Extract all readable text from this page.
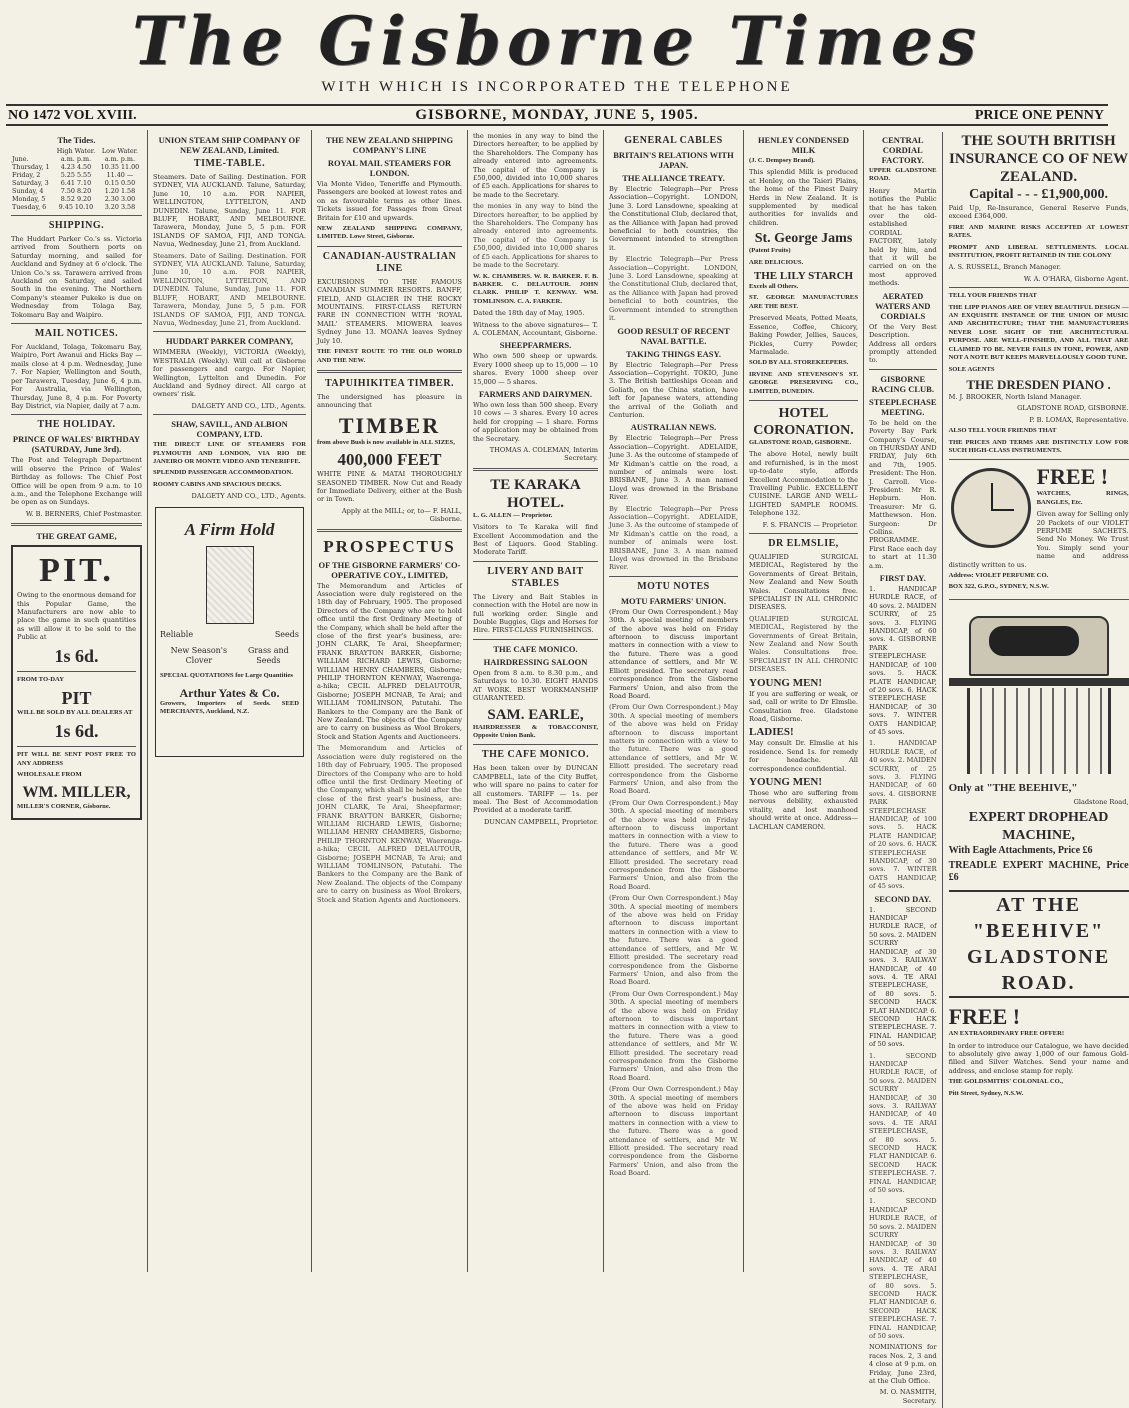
The Gisborne Times
WITH WHICH IS INCORPORATED THE TELEPHONE
NO 1472 VOL XVIII.	GISBORNE, MONDAY, JUNE 5, 1905.	PRICE ONE PENNY
The Tides.
	High Water.	Low Water.
June.	a.m. p.m.	a.m. p.m.
Thursday, 1	4.23 4.50	10.35 11.00
Friday, 2	5.25 5.55	11.40 —
Saturday, 3	6.41 7.10	0.15 0.50
Sunday, 4	7.50 8.20	1.20 1.58
Monday, 5	8.52 9.20	2.30 3.00
Tuesday, 6	9.45 10.10	3.20 3.58
SHIPPING.

The Huddart Parker Co.'s ss. Victoria arrived from Southern ports on Saturday morning, and sailed for Auckland and Sydney at 6 o'clock. The Union Co.'s ss. Tarawera arrived from Auckland on Saturday, and sailed South in the evening. The Northern Company's steamer Pukeko is due on Wednesday from Tolaga Bay, Tokomaru Bay and Waipiro.

MAIL NOTICES.

For Auckland, Tolaga, Tokomaru Bay, Waipiro, Port Awanui and Hicks Bay — mails close at 4 p.m. Wednesday, June 7. For Napier, Wellington and South, per Tarawera, Tuesday, June 6, 4 p.m. For Australia, via Wellington, Thursday, June 8, 4 p.m. For Poverty Bay District, via Napier, daily at 7 a.m.

THE HOLIDAY.
PRINCE OF WALES' BIRTHDAY (SATURDAY, June 3rd).

The Post and Telegraph Department will observe the Prince of Wales' Birthday as follows: The Chief Post Office will be open from 9 a.m. to 10 a.m., and the Telephone Exchange will be open as on Sundays.

W. B. BERNERS, Chief Postmaster.

THE GREAT GAME,
PIT.

Owing to the enormous demand for this Popular Game, the Manufacturers are now able to place the game in such quantities as will allow it to be sold to the Public at

1s 6d.

FROM TO-DAY

PIT

WILL BE SOLD BY ALL DEALERS AT

1s 6d.

PIT WILL BE SENT POST FREE TO ANY ADDRESS

WHOLESALE FROM

WM. MILLER,

MILLER'S CORNER, Gisborne.

UNION STEAM SHIP COMPANY OF NEW ZEALAND, Limited.
TIME-TABLE.

Steamers. Date of Sailing. Destination. FOR SYDNEY, VIA AUCKLAND. Talune, Saturday, June 10, 10 a.m. FOR NAPIER, WELLINGTON, LYTTELTON, AND DUNEDIN. Talune, Sunday, June 11. FOR BLUFF, HOBART, AND MELBOURNE. Tarawera, Monday, June 5, 5 p.m. FOR ISLANDS OF SAMOA, FIJI, AND TONGA. Navua, Wednesday, June 21, from Auckland.

Steamers. Date of Sailing. Destination. FOR SYDNEY, VIA AUCKLAND. Talune, Saturday, June 10, 10 a.m. FOR NAPIER, WELLINGTON, LYTTELTON, AND DUNEDIN. Talune, Sunday, June 11. FOR BLUFF, HOBART, AND MELBOURNE. Tarawera, Monday, June 5, 5 p.m. FOR ISLANDS OF SAMOA, FIJI, AND TONGA. Navua, Wednesday, June 21, from Auckland.

HUDDART PARKER COMPANY,

WIMMERA (Weekly), VICTORIA (Weekly), WESTRALIA (Weekly). Will call at Gisborne for passengers and cargo. For Napier, Wellington, Lyttelton and Dunedin. For Auckland and Sydney direct. All cargo at owners' risk.

DALGETY AND CO., LTD., Agents.

SHAW, SAVILL, AND ALBION COMPANY, LTD.

THE DIRECT LINE OF STEAMERS FOR PLYMOUTH AND LONDON, VIA RIO DE JANEIRO OR MONTE VIDEO AND TENERIFFE.

SPLENDID PASSENGER ACCOMMODATION.

ROOMY CABINS AND SPACIOUS DECKS.

DALGETY AND CO., LTD., Agents.

A Firm Hold
Reliable	Seeds
New Season's Clover
Grass and Seeds

SPECIAL QUOTATIONS for Large Quantities

Arthur Yates & Co.

Growers, Importers of Seeds. SEED MERCHANTS, Auckland, N.Z.

THE NEW ZEALAND SHIPPING COMPANY'S LINE
ROYAL MAIL STEAMERS FOR LONDON.

Via Monte Video, Teneriffe and Plymouth. Passengers are booked at lowest rates and on as favourable terms as other lines. Tickets issued for Passages from Great Britain for £10 and upwards.

NEW ZEALAND SHIPPING COMPANY, LIMITED. Lowe Street, Gisborne.

CANADIAN-AUSTRALIAN LINE

EXCURSIONS TO THE FAMOUS CANADIAN SUMMER RESORTS. BANFF, FIELD, AND GLACIER IN THE ROCKY MOUNTAINS. FIRST-CLASS RETURN FARE IN CONNECTION WITH 'ROYAL MAIL' STEAMERS. MIOWERA leaves Sydney June 13. MOANA leaves Sydney July 10.

THE FINEST ROUTE TO THE OLD WORLD AND THE NEW.

TAPUIHIKITEA TIMBER.

The undersigned has pleasure in announcing that

TIMBER

from above Bush is now available in ALL SIZES,

400,000 FEET

WHITE PINE & MATAI THOROUGHLY SEASONED TIMBER. Now Cut and Ready for Immediate Delivery, either at the Bush or in Town.

Apply at the MILL; or, to— F. HALL, Gisborne.

PROSPECTUS
OF THE GISBORNE FARMERS' CO-OPERATIVE COY., LIMITED,

The Memorandum and Articles of Association were duly registered on the 18th day of February, 1905. The proposed Directors of the Company who are to hold office until the first Ordinary Meeting of the Company, which shall be held after the close of the first year's business, are: JOHN CLARK, Te Arai, Sheepfarmer; FRANK BRAYTON BARKER, Gisborne; WILLIAM RICHARD LEWIS, Gisborne; WILLIAM HENRY CHAMBERS, Gisborne; PHILIP THORNTON KENWAY, Waerenga-a-hika; CECIL ALFRED DELAUTOUR, Gisborne; JOSEPH MCNAB, Te Arai; and WILLIAM TOMLINSON, Patutahi. The Bankers to the Company are the Bank of New Zealand. The objects of the Company are to carry on business as Wool Brokers, Stock and Station Agents and Auctioneers.

The Memorandum and Articles of Association were duly registered on the 18th day of February, 1905. The proposed Directors of the Company who are to hold office until the first Ordinary Meeting of the Company, which shall be held after the close of the first year's business, are: JOHN CLARK, Te Arai, Sheepfarmer; FRANK BRAYTON BARKER, Gisborne; WILLIAM RICHARD LEWIS, Gisborne; WILLIAM HENRY CHAMBERS, Gisborne; PHILIP THORNTON KENWAY, Waerenga-a-hika; CECIL ALFRED DELAUTOUR, Gisborne; JOSEPH MCNAB, Te Arai; and WILLIAM TOMLINSON, Patutahi. The Bankers to the Company are the Bank of New Zealand. The objects of the Company are to carry on business as Wool Brokers, Stock and Station Agents and Auctioneers.

the monies in any way to bind the Directors hereafter, to be applied by the Shareholders. The Company has already entered into agreements. The capital of the Company is £50,000, divided into 10,000 shares of £5 each. Applications for shares to be made to the Secretary.

the monies in any way to bind the Directors hereafter, to be applied by the Shareholders. The Company has already entered into agreements. The capital of the Company is £50,000, divided into 10,000 shares of £5 each. Applications for shares to be made to the Secretary.

W. K. CHAMBERS. W. R. BARKER. F. B. BARKER. C. DELAUTOUR. JOHN CLARK. PHILIP T. KENWAY. WM. TOMLINSON. C. A. FARKER.

Dated the 18th day of May, 1905.

Witness to the above signatures— T. A. COLEMAN, Accountant, Gisborne.

SHEEPFARMERS.

Who own 500 sheep or upwards. Every 1000 sheep up to 15,000 — 10 shares. Every 1000 sheep over 15,000 — 5 shares.

FARMERS AND DAIRYMEN.

Who own less than 500 sheep. Every 10 cows — 3 shares. Every 10 acres held for cropping — 1 share. Forms of application may be obtained from the Secretary.

THOMAS A. COLEMAN, Interim Secretary.

TE KARAKA HOTEL.

L. G. ALLEN — Proprietor.

Visitors to Te Karaka will find Excellent Accommodation and the Best of Liquors. Good Stabling. Moderate Tariff.

LIVERY AND BAIT STABLES

The Livery and Bait Stables in connection with the Hotel are now in full working order. Single and Double Buggies, Gigs and Horses for Hire. FIRST-CLASS FURNISHINGS.

THE CAFE MONICO.
HAIRDRESSING SALOON

Open from 8 a.m. to 8.30 p.m., and Saturdays to 10.30. EIGHT HANDS AT WORK. BEST WORKMANSHIP GUARANTEED.

SAM. EARLE,

HAIRDRESSER & TOBACCONIST, Opposite Union Bank.

THE CAFE MONICO.

Has been taken over by DUNCAN CAMPBELL, late of the City Buffet, who will spare no pains to cater for all customers. TARIFF — 1s. per meal. The Best of Accommodation Provided at a moderate tariff.

DUNCAN CAMPBELL, Proprietor.

GENERAL CABLES
BRITAIN'S RELATIONS WITH JAPAN.
THE ALLIANCE TREATY.

By Electric Telegraph—Per Press Association—Copyright. LONDON, June 3. Lord Lansdowne, speaking at the Constitutional Club, declared that, as the Alliance with Japan had proved beneficial to both countries, the Government intended to strengthen it.

By Electric Telegraph—Per Press Association—Copyright. LONDON, June 3. Lord Lansdowne, speaking at the Constitutional Club, declared that, as the Alliance with Japan had proved beneficial to both countries, the Government intended to strengthen it.

GOOD RESULT OF RECENT NAVAL BATTLE.
TAKING THINGS EASY.

By Electric Telegraph—Per Press Association—Copyright. TOKIO, June 3. The British battleships Ocean and Goliath, on the China station, have left for Japanese waters, attending the arrival of the Goliath and Centurion.

AUSTRALIAN NEWS.

By Electric Telegraph—Per Press Association—Copyright. ADELAIDE, June 3. As the outcome of stampede of Mr Kidman's cattle on the road, a number of animals were lost. BRISBANE, June 3. A man named Lloyd was drowned in the Brisbane River.

By Electric Telegraph—Per Press Association—Copyright. ADELAIDE, June 3. As the outcome of stampede of Mr Kidman's cattle on the road, a number of animals were lost. BRISBANE, June 3. A man named Lloyd was drowned in the Brisbane River.

MOTU NOTES
MOTU FARMERS' UNION.

(From Our Own Correspondent.) May 30th. A special meeting of members of the above was held on Friday afternoon to discuss important matters in connection with a view to the future. There was a good attendance of settlers, and Mr W. Elliott presided. The secretary read correspondence from the Gisborne Farmers' Union, and also from the Road Board.

(From Our Own Correspondent.) May 30th. A special meeting of members of the above was held on Friday afternoon to discuss important matters in connection with a view to the future. There was a good attendance of settlers, and Mr W. Elliott presided. The secretary read correspondence from the Gisborne Farmers' Union, and also from the Road Board.

(From Our Own Correspondent.) May 30th. A special meeting of members of the above was held on Friday afternoon to discuss important matters in connection with a view to the future. There was a good attendance of settlers, and Mr W. Elliott presided. The secretary read correspondence from the Gisborne Farmers' Union, and also from the Road Board.

(From Our Own Correspondent.) May 30th. A special meeting of members of the above was held on Friday afternoon to discuss important matters in connection with a view to the future. There was a good attendance of settlers, and Mr W. Elliott presided. The secretary read correspondence from the Gisborne Farmers' Union, and also from the Road Board.

(From Our Own Correspondent.) May 30th. A special meeting of members of the above was held on Friday afternoon to discuss important matters in connection with a view to the future. There was a good attendance of settlers, and Mr W. Elliott presided. The secretary read correspondence from the Gisborne Farmers' Union, and also from the Road Board.

(From Our Own Correspondent.) May 30th. A special meeting of members of the above was held on Friday afternoon to discuss important matters in connection with a view to the future. There was a good attendance of settlers, and Mr W. Elliott presided. The secretary read correspondence from the Gisborne Farmers' Union, and also from the Road Board.

HENLEY CONDENSED MILK

(J. C. Dempsey Brand).

This splendid Milk is produced at Henley, on the Taieri Plains, the home of the Finest Dairy Herds in New Zealand. It is supplemented by medical authorities for invalids and children.

St. George Jams

(Patent Fruits)

ARE DELICIOUS.

THE LILY STARCH

Excels all Others.

ST. GEORGE MANUFACTURES ARE THE BEST.

Preserved Meats, Potted Meats, Essence, Coffee, Chicory, Baking Powder, Jellies, Sauces, Pickles, Curry Powder, Marmalade.

SOLD BY ALL STOREKEEPERS.

IRVINE AND STEVENSON'S ST. GEORGE PRESERVING CO., LIMITED, DUNEDIN.

HOTEL CORONATION.

GLADSTONE ROAD, GISBORNE.

The above Hotel, newly built and refurnished, is in the most up-to-date style, affords Excellent Accommodation to the Travelling Public. EXCELLENT CUISINE. LARGE AND WELL-LIGHTED SAMPLE ROOMS. Telephone 132.

F. S. FRANCIS — Proprietor.

DR ELMSLIE,

QUALIFIED SURGICAL MEDICAL, Registered by the Governments of Great Britain, New Zealand and New South Wales. Consultations free. SPECIALIST IN ALL CHRONIC DISEASES.

QUALIFIED SURGICAL MEDICAL, Registered by the Governments of Great Britain, New Zealand and New South Wales. Consultations free. SPECIALIST IN ALL CHRONIC DISEASES.

YOUNG MEN!

If you are suffering or weak, or sad, call or write to Dr Elmslie. Consultation free. Gladstone Road, Gisborne.

LADIES!

May consult Dr. Elmslie at his residence. Send 1s. for remedy for headache. All correspondence confidential.

YOUNG MEN!

Those who are suffering from nervous debility, exhausted vitality, and lost manhood should write at once. Address— LACHLAN CAMERON.

CENTRAL CORDIAL FACTORY.

UPPER GLADSTONE ROAD.

Henry Martin notifies the Public that he has taken over the old-established CORDIAL FACTORY, lately held by him, and that it will be carried on on the most approved methods.

AERATED WATERS AND CORDIALS

Of the Very Best Description. Address all orders promptly attended to.

GISBORNE RACING CLUB.
STEEPLECHASE MEETING.

To be held on the Poverty Bay Park Company's Course, on THURSDAY AND FRIDAY, July 6th and 7th, 1905. President: The Hon. J. Carroll. Vice-President: Mr R. Hepburn. Hon. Treasurer: Mr G. Matthewson. Hon. Surgeon: Dr Collins. PROGRAMME. First Race each day to start at 11.30 a.m.

FIRST DAY.

1. HANDICAP HURDLE RACE, of 40 sovs. 2. MAIDEN SCURRY, of 25 sovs. 3. FLYING HANDICAP, of 60 sovs. 4. GISBORNE PARK STEEPLECHASE HANDICAP, of 100 sovs. 5. HACK PLATE HANDICAP, of 20 sovs. 6. HACK STEEPLECHASE HANDICAP, of 30 sovs. 7. WINTER OATS HANDICAP, of 45 sovs.

1. HANDICAP HURDLE RACE, of 40 sovs. 2. MAIDEN SCURRY, of 25 sovs. 3. FLYING HANDICAP, of 60 sovs. 4. GISBORNE PARK STEEPLECHASE HANDICAP, of 100 sovs. 5. HACK PLATE HANDICAP, of 20 sovs. 6. HACK STEEPLECHASE HANDICAP, of 30 sovs. 7. WINTER OATS HANDICAP, of 45 sovs.

SECOND DAY.

1. SECOND HANDICAP HURDLE RACE, of 50 sovs. 2. MAIDEN SCURRY HANDICAP, of 30 sovs. 3. RAILWAY HANDICAP, of 40 sovs. 4. TE ARAI STEEPLECHASE, of 80 sovs. 5. SECOND HACK FLAT HANDICAP. 6. SECOND HACK STEEPLECHASE. 7. FINAL HANDICAP, of 50 sovs.

1. SECOND HANDICAP HURDLE RACE, of 50 sovs. 2. MAIDEN SCURRY HANDICAP, of 30 sovs. 3. RAILWAY HANDICAP, of 40 sovs. 4. TE ARAI STEEPLECHASE, of 80 sovs. 5. SECOND HACK FLAT HANDICAP. 6. SECOND HACK STEEPLECHASE. 7. FINAL HANDICAP, of 50 sovs.

1. SECOND HANDICAP HURDLE RACE, of 50 sovs. 2. MAIDEN SCURRY HANDICAP, of 30 sovs. 3. RAILWAY HANDICAP, of 40 sovs. 4. TE ARAI STEEPLECHASE, of 80 sovs. 5. SECOND HACK FLAT HANDICAP. 6. SECOND HACK STEEPLECHASE. 7. FINAL HANDICAP, of 50 sovs.

NOMINATIONS for races Nos. 2, 3 and 4 close at 9 p.m. on Friday, June 23rd, at the Club Office.

M. O. NASMITH, Secretary.

THE SOUTH BRITISH INSURANCE CO OF NEW ZEALAND.
Capital - - - £1,900,000.

Paid Up, Re-Insurance, General Reserve Funds, exceed £364,000.

FIRE AND MARINE RISKS ACCEPTED AT LOWEST RATES.

PROMPT AND LIBERAL SETTLEMENTS. LOCAL INSTITUTION, PROFIT RETAINED IN THE COLONY

A. S. RUSSELL, Branch Manager.

W. A. O'HARA, Gisborne Agent.

TELL YOUR FRIENDS THAT

THE LIPP PIANOS ARE OF VERY BEAUTIFUL DESIGN — AN EXQUISITE INSTANCE OF THE UNION OF MUSIC AND ARCHITECTURE; THAT THE MANUFACTURERS NEVER LOSE SIGHT OF THE ARCHITECTURAL PURPOSE. ARE WELL-FINISHED, AND ALL THAT ARE CLAIMED TO BE. NEVER FAILS IN TONE, POWER, AND NOT A NOTE BUT KEEPS MARVELLOUSLY GOOD TUNE.

SOLE AGENTS

THE DRESDEN PIANO .

M. J. BROOKER, North Island Manager.

GLADSTONE ROAD, GISBORNE.

P. B. LOMAX, Representative.

ALSO TELL YOUR FRIENDS THAT

THE PRICES AND TERMS ARE DISTINCTLY LOW FOR SUCH HIGH-CLASS INSTRUMENTS.

FREE !

WATCHES, RINGS, BANGLES, Etc.

Given away for Selling only 20 Packets of our VIOLET PERFUME SACHETS. Send No Money. We Trust You. Simply send your name and address distinctly written to us.

Address: VIOLET PERFUME CO.

BOX 322, G.P.O., SYDNEY, N.S.W.

Only at "THE BEEHIVE,"

Gladstone Road,

EXPERT DROPHEAD MACHINE,

With Eagle Attachments, Price £6

TREADLE EXPERT MACHINE, Price £6

AT THE "BEEHIVE" GLADSTONE ROAD.
FREE !

AN EXTRAORDINARY FREE OFFER!

In order to introduce our Catalogue, we have decided to absolutely give away 1,000 of our famous Gold-filled and Silver Watches. Send your name and address, and enclose stamp for reply.

THE GOLDSMITHS' COLONIAL CO.,

Pitt Street, Sydney, N.S.W.
